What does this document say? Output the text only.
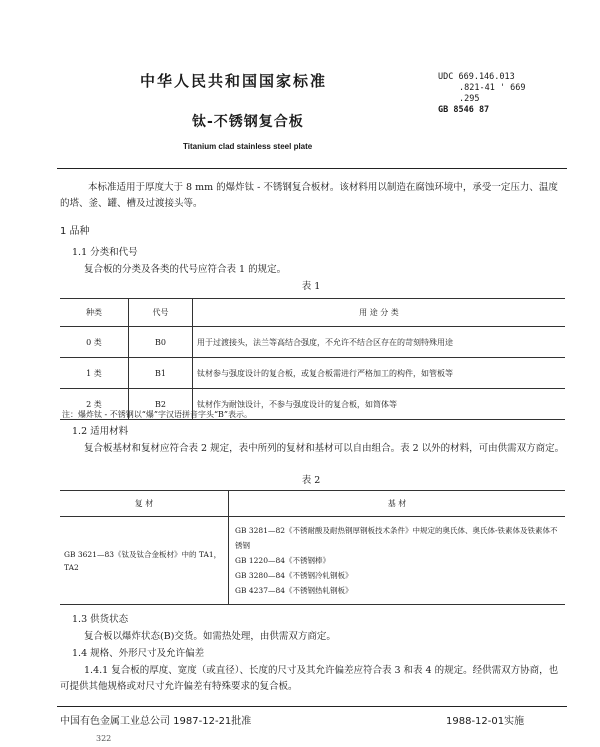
中华人民共和国国家标准	UDC 669.146.013
.821-41 ' 669
.295
GB 8546 87
钛-不锈钢复合板
Titanium clad stainless steel plate
本标准适用于厚度大于 8 mm 的爆炸钛 - 不锈钢复合板材。该材料用以制造在腐蚀环境中，承受一定压力、温度的塔、釜、罐、槽及过渡接头等。
1 品种
1.1 分类和代号
复合板的分类及各类的代号应符合表 1 的规定。
表 1
种类	代号	用 途 分 类
0 类	B0	用于过渡接头，法兰等高结合强度，不允许不结合区存在的苛刻特殊用途
1 类	B1	钛材参与强度设计的复合板，或复合板需进行严格加工的构件，如管板等
2 类	B2	钛材作为耐蚀设计，不参与强度设计的复合板，如筒体等
注：爆炸钛 - 不锈钢以“爆”字汉语拼音字头“B”表示。
1.2 适用材料
复合板基材和复材应符合表 2 规定，表中所列的复材和基材可以自由组合。表 2 以外的材料，可由供需双方商定。
表 2
复 材	基 材
GB 3621—83《钛及钛合金板材》中的 TA1，TA2	GB 3281—82《不锈耐酸及耐热钢厚钢板技术条件》中规定的奥氏体、奥氏体-铁素体及铁素体不锈钢
GB 1220—84《不锈钢棒》
GB 3280—84《不锈钢冷轧钢板》
GB 4237—84《不锈钢热轧钢板》
1.3 供货状态
复合板以爆炸状态(B)交货。如需热处理，由供需双方商定。
1.4 规格、外形尺寸及允许偏差
1.4.1 复合板的厚度、宽度（或直径）、长度的尺寸及其允许偏差应符合表 3 和表 4 的规定。经供需双方协商，也可提供其他规格或对尺寸允许偏差有特殊要求的复合板。
中国有色金属工业总公司 1987-12-21批准	1988-12-01实施
322
